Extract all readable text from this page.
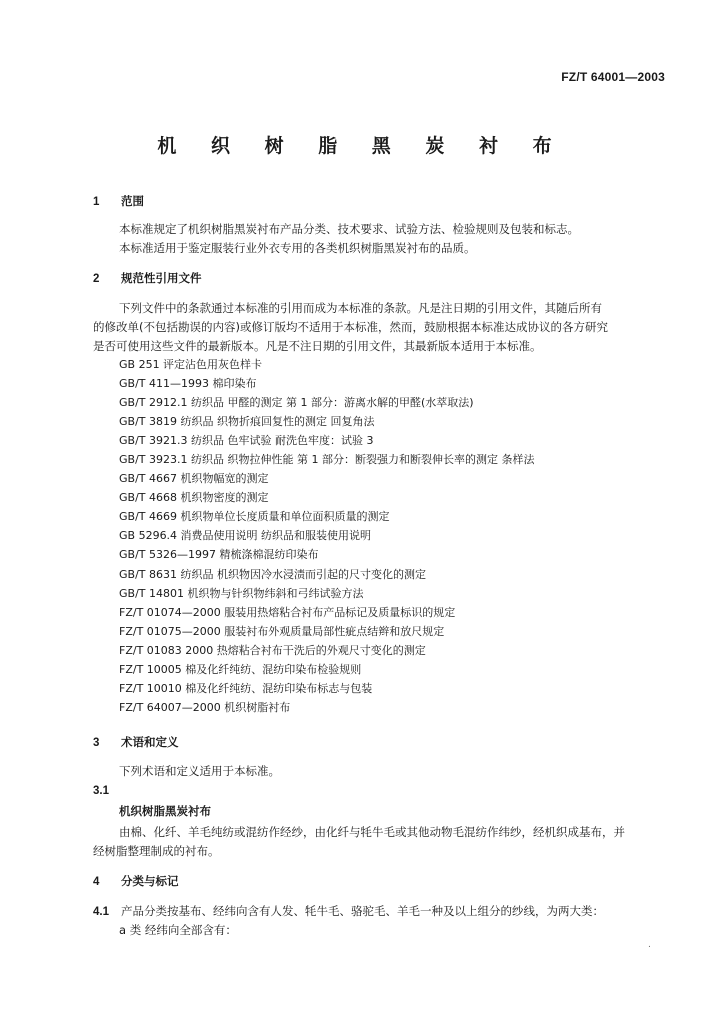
FZ/T 64001—2003
机 织 树 脂 黑 炭 衬 布
1 范围
本标准规定了机织树脂黑炭衬布产品分类、技术要求、试验方法、检验规则及包装和标志。
本标准适用于鉴定服装行业外衣专用的各类机织树脂黑炭衬布的品质。
2 规范性引用文件
下列文件中的条款通过本标准的引用而成为本标准的条款。凡是注日期的引用文件，其随后所有
的修改单(不包括勘误的内容)或修订版均不适用于本标准，然而，鼓励根据本标准达成协议的各方研究
是否可使用这些文件的最新版本。凡是不注日期的引用文件，其最新版本适用于本标准。
GB 251 评定沾色用灰色样卡
GB/T 411—1993 棉印染布
GB/T 2912.1 纺织品 甲醛的测定 第 1 部分：游离水解的甲醛(水萃取法)
GB/T 3819 纺织品 织物折痕回复性的测定 回复角法
GB/T 3921.3 纺织品 色牢试验 耐洗色牢度：试验 3
GB/T 3923.1 纺织品 织物拉伸性能 第 1 部分：断裂强力和断裂伸长率的测定 条样法
GB/T 4667 机织物幅宽的测定
GB/T 4668 机织物密度的测定
GB/T 4669 机织物单位长度质量和单位面积质量的测定
GB 5296.4 消费品使用说明 纺织品和服装使用说明
GB/T 5326—1997 精梳涤棉混纺印染布
GB/T 8631 纺织品 机织物因冷水浸渍而引起的尺寸变化的测定
GB/T 14801 机织物与针织物纬斜和弓纬试验方法
FZ/T 01074—2000 服装用热熔粘合衬布产品标记及质量标识的规定
FZ/T 01075—2000 服装衬布外观质量局部性疵点结辫和放尺规定
FZ/T 01083 2000 热熔粘合衬布干洗后的外观尺寸变化的测定
FZ/T 10005 棉及化纤纯纺、混纺印染布检验规则
FZ/T 10010 棉及化纤纯纺、混纺印染布标志与包装
FZ/T 64007—2000 机织树脂衬布
3 术语和定义
下列术语和定义适用于本标准。
3.1
机织树脂黑炭衬布
由棉、化纤、羊毛纯纺或混纺作经纱，由化纤与牦牛毛或其他动物毛混纺作纬纱，经机织成基布，并
经树脂整理制成的衬布。
4 分类与标记
4.1 产品分类按基布、经纬向含有人发、牦牛毛、骆驼毛、羊毛一种及以上组分的纱线，为两大类：
a 类 经纬向全部含有：
.
